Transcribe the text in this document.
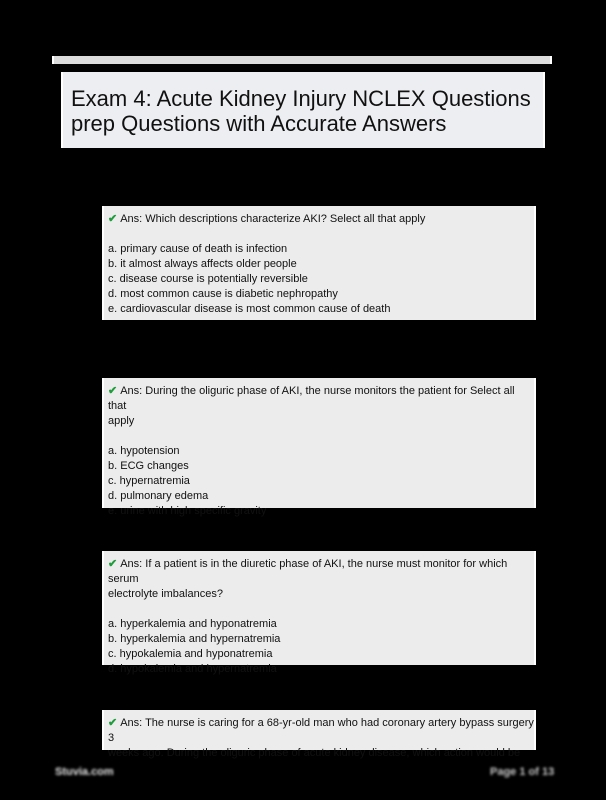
Exam 4: Acute Kidney Injury NCLEX Questions
prep Questions with Accurate Answers
✔ Ans: Which descriptions characterize AKI? Select all that apply
a. primary cause of death is infection
b. it almost always affects older people
c. disease course is potentially reversible
d. most common cause is diabetic nephropathy
e. cardiovascular disease is most common cause of death
✔ Ans: During the oliguric phase of AKI, the nurse monitors the patient for Select all that
apply
a. hypotension
b. ECG changes
c. hypernatremia
d. pulmonary edema
e. urine with high specific gravity
✔ Ans: If a patient is in the diuretic phase of AKI, the nurse must monitor for which serum
electrolyte imbalances?
a. hyperkalemia and hyponatremia
b. hyperkalemia and hypernatremia
c. hypokalemia and hyponatremia
d. hypokalemia and hypernatremia
✔ Ans: The nurse is caring for a 68-yr-old man who had coronary artery bypass surgery 3
weeks ago. During the oliguric phase of acute kidney disease, which action would be
Stuvia.com	Page 1 of 13
